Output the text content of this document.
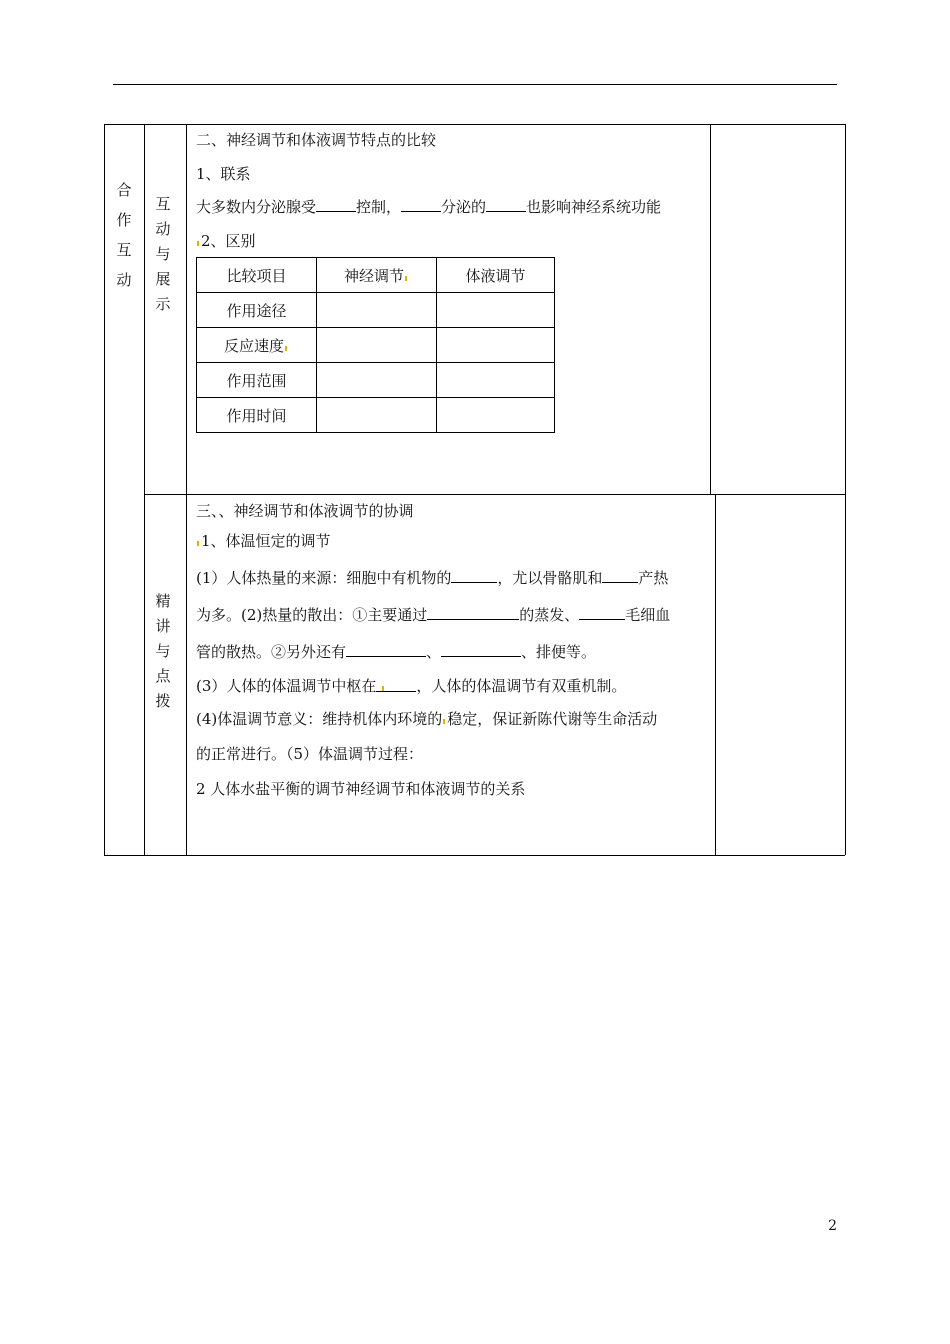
合
作
互
动
互
动
与
展
示
精
讲
与
点
拨
二、神经调节和体液调节特点的比较
1、联系
大多数内分泌腺受	控制，	分泌的	也影响神经系统功能
2、区别
比较项目	神经调节	体液调节
作用途径		
反应速度		
作用范围		
作用时间		
三、、神经调节和体液调节的协调
1、体温恒定的调节
(1）人体热量的来源：细胞中有机物的	，尤以骨骼肌和 产热
为多。(2)热量的散出：①主要通过	的蒸发、	毛细血
管的散热。②另外还有	、	、排便等。
(3）人体的体温调节中枢在	，人体的体温调节有双重机制。
(4)体温调节意义：维持机体内环境的 稳定，保证新陈代谢等生命活动
的正常进行。（5）体温调节过程：
2 人体水盐平衡的调节神经调节和体液调节的关系
2
